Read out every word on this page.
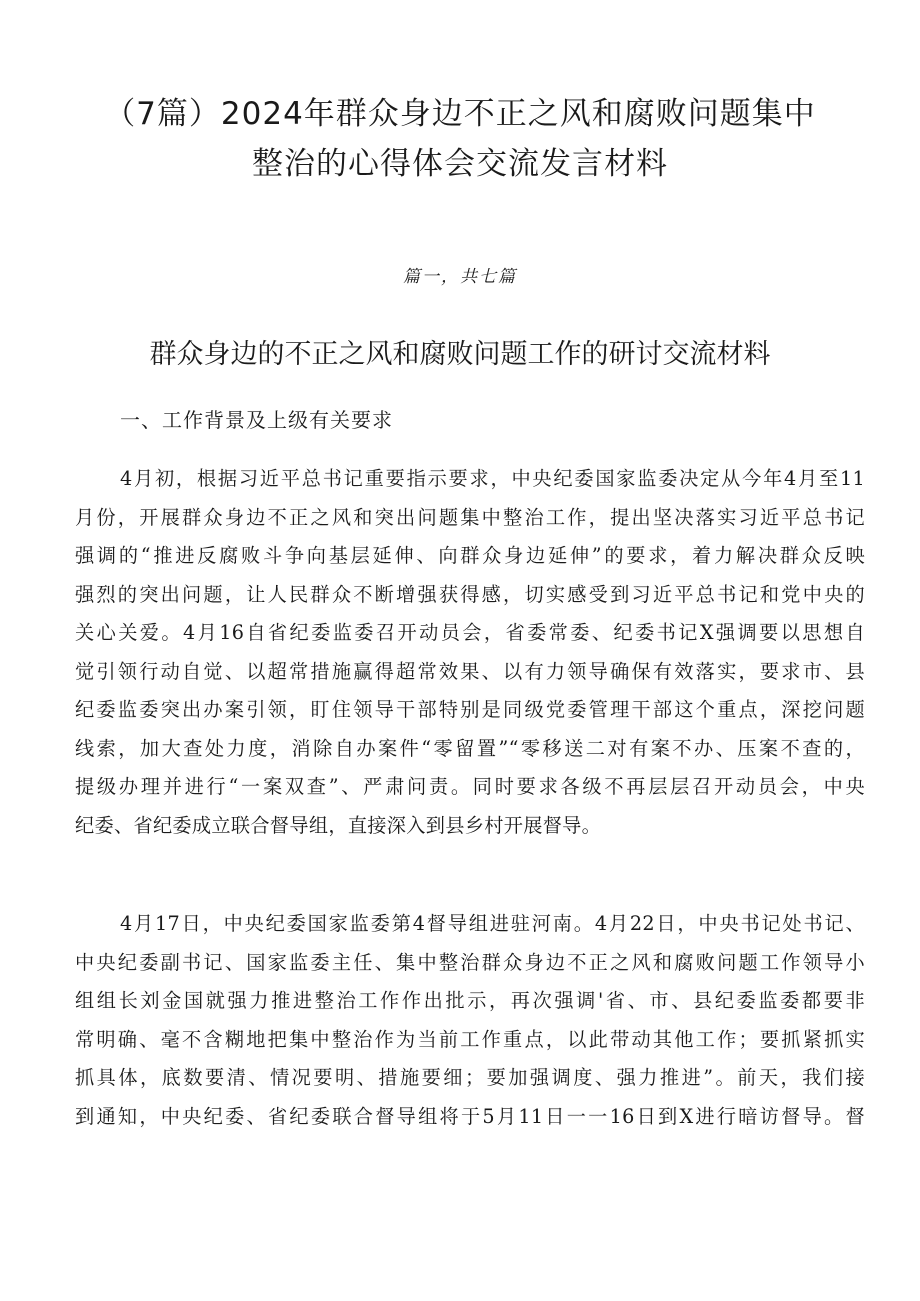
（7篇）2024年群众身边不正之风和腐败问题集中
整治的心得体会交流发言材料
篇一，共七篇
群众身边的不正之风和腐败问题工作的研讨交流材料
一、工作背景及上级有关要求
4月初，根据习近平总书记重要指示要求，中央纪委国家监委决定从今年4月至11
月份，开展群众身边不正之风和突出问题集中整治工作，提出坚决落实习近平总书记
强调的“推进反腐败斗争向基层延伸、向群众身边延伸”的要求，着力解决群众反映
强烈的突出问题，让人民群众不断增强获得感，切实感受到习近平总书记和党中央的
关心关爱。4月16自省纪委监委召开动员会，省委常委、纪委书记X强调要以思想自
觉引领行动自觉、以超常措施赢得超常效果、以有力领导确保有效落实，要求市、县
纪委监委突出办案引领，盯住领导干部特别是同级党委管理干部这个重点，深挖问题
线索，加大查处力度，消除自办案件“零留置”“零移送二对有案不办、压案不查的，
提级办理并进行“一案双查”、严肃问责。同时要求各级不再层层召开动员会，中央
纪委、省纪委成立联合督导组，直接深入到县乡村开展督导。
4月17日，中央纪委国家监委第4督导组进驻河南。4月22日，中央书记处书记、
中央纪委副书记、国家监委主任、集中整治群众身边不正之风和腐败问题工作领导小
组组长刘金国就强力推进整治工作作出批示，再次强调'省、市、县纪委监委都要非
常明确、毫不含糊地把集中整治作为当前工作重点，以此带动其他工作；要抓紧抓实
抓具体，底数要清、情况要明、措施要细；要加强调度、强力推进”。前天，我们接
到通知，中央纪委、省纪委联合督导组将于5月11日一一16日到X进行暗访督导。督
